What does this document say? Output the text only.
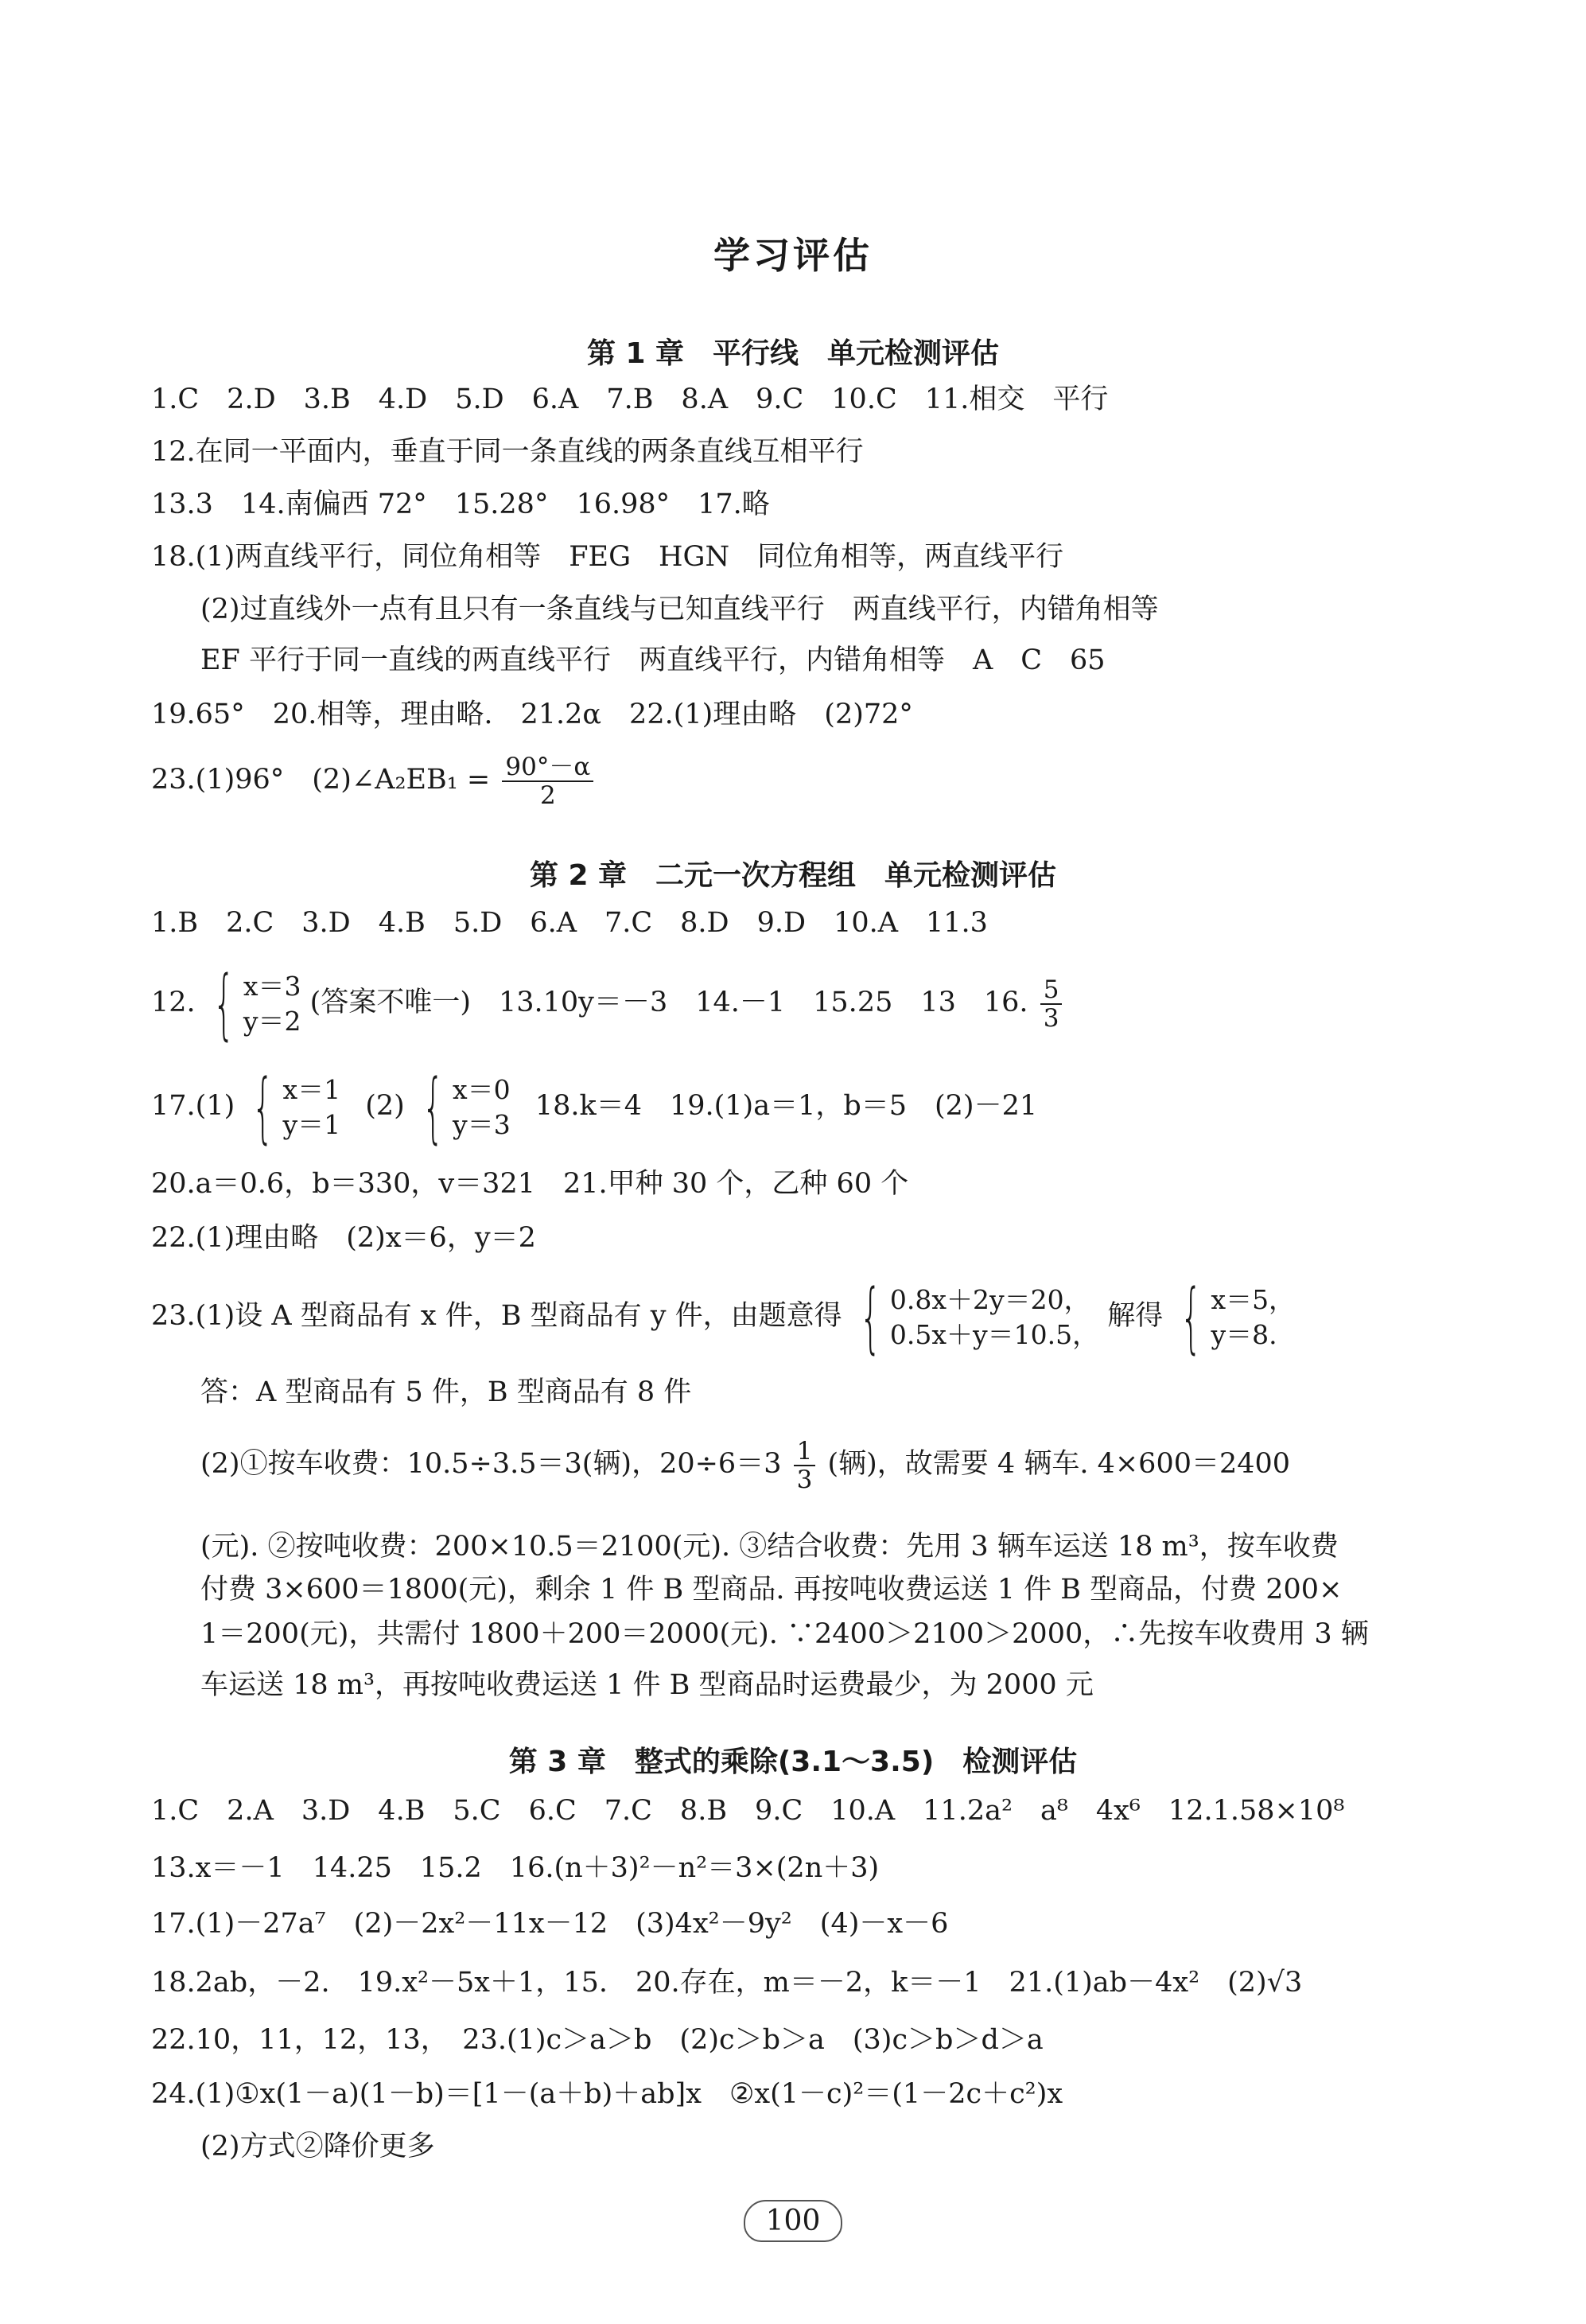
学习评估
第 1 章　平行线　单元检测评估
1.C　2.D　3.B　4.D　5.D　6.A　7.B　8.A　9.C　10.C　11.相交　平行
12.在同一平面内，垂直于同一条直线的两条直线互相平行
13.3　14.南偏西 72°　15.28°　16.98°　17.略
18.(1)两直线平行，同位角相等　FEG　HGN　同位角相等，两直线平行
(2)过直线外一点有且只有一条直线与已知直线平行　两直线平行，内错角相等
EF 平行于同一直线的两直线平行　两直线平行，内错角相等　A　C　65
19.65°　20.相等，理由略.　21.2α　22.(1)理由略　(2)72°
23.(1)96°　(2)∠A₂EB₁ = $\frac{90^\circ-\alpha}{2}$
第 2 章　二元一次方程组　单元检测评估
1.B　2.C　3.D　4.B　5.D　6.A　7.C　8.D　9.D　10.A　11.3
12. { x＝3
y＝2
(答案不唯一)　13.10y＝－3　14.－1　15.25　13　16. $\frac{5}{3}$
17.(1) { x＝1
y＝1
(2) { x＝0
y＝3
18.k＝4　19.(1)a＝1，b＝5　(2)－21
20.a＝0.6，b＝330，v＝321　21.甲种 30 个，乙种 60 个
22.(1)理由略　(2)x＝6，y＝2
23.(1)设 A 型商品有 x 件，B 型商品有 y 件，由题意得 { 0.8x＋2y＝20，
0.5x＋y＝10.5，
解得 { x＝5，
y＝8.
答：A 型商品有 5 件，B 型商品有 8 件
(2)①按车收费：10.5÷3.5＝3(辆)，$20\div 6=3 \frac{1}{3}$ (辆)，故需要 4 辆车. 4×600＝2400
(元). ②按吨收费：200×10.5＝2100(元). ③结合收费：先用 3 辆车运送 18 m³，按车收费
付费 3×600＝1800(元)，剩余 1 件 B 型商品. 再按吨收费运送 1 件 B 型商品，付费 200×
1＝200(元)，共需付 1800＋200＝2000(元). ∵2400＞2100＞2000，∴先按车收费用 3 辆
车运送 18 m³，再按吨收费运送 1 件 B 型商品时运费最少，为 2000 元
第 3 章　整式的乘除(3.1～3.5)　检测评估
1.C　2.A　3.D　4.B　5.C　6.C　7.C　8.B　9.C　10.A　11.2a²　a⁸　4x⁶　12.1.58×10⁸
13.x＝－1　14.25　15.2　16.(n＋3)²－n²＝3×(2n＋3)
17.(1)－27a⁷　(2)－2x²－11x－12　(3)4x²－9y²　(4)－x－6
18.2ab，－2.　19.x²－5x＋1，15.　20.存在，m＝－2，k＝－1　21.(1)ab－4x²　(2)√3
22.10，11，12，13，　23.(1)c＞a＞b　(2)c＞b＞a　(3)c＞b＞d＞a
24.(1)①x(1－a)(1－b)＝[1－(a＋b)＋ab]x　②x(1－c)²＝(1－2c＋c²)x
(2)方式②降价更多
100
